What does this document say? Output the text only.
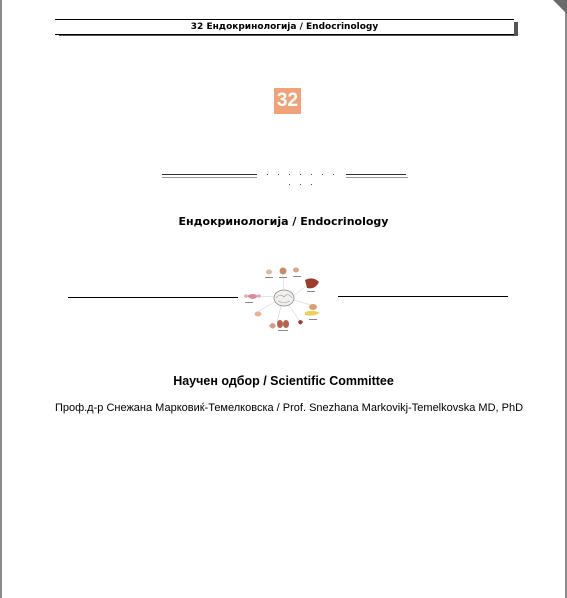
32 Ендокринологија / Endocrinology
32
. . . . . . . . . .
Ендокринологија / Endocrinology
Научен одбор / Scientific Committee
Проф.д-р Снежана Марковиќ-Темелковска / Prof. Snezhana Markovikj-Temelkovska MD, PhD
